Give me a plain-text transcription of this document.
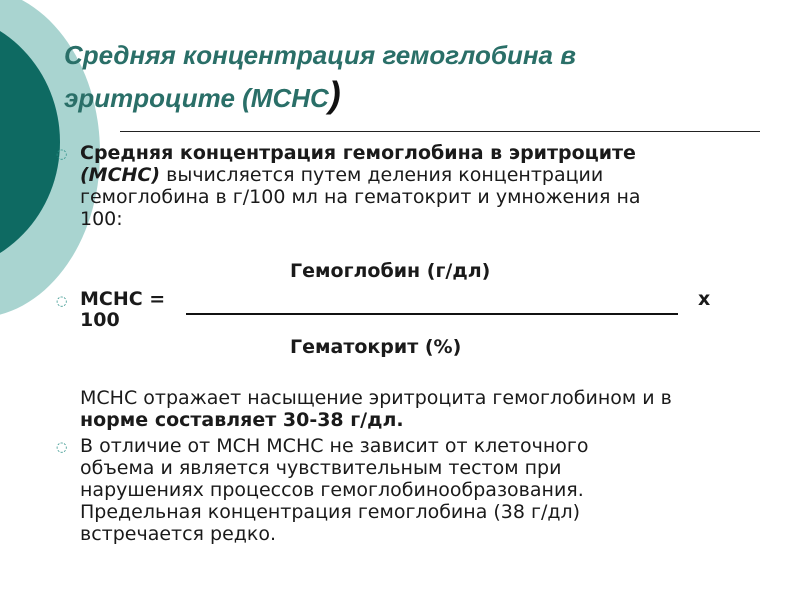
Средняя концентрация гемоглобина в
эритроците (МСНС)
◌ Средняя концентрация гемоглобина в эритроците
(МСНС) вычисляется путем деления концентрации
гемоглобина в г/100 мл на гематокрит и умножения на
100:
Гемоглобин (г/дл)
◌ МСНС =	х
100
Гематокрит (%)
МСНС отражает насыщение эритроцита гемоглобином и в
норме составляет 30-38 г/дл.
◌ В отличие от МСН МСНС не зависит от клеточного
объема и является чувствительным тестом при
нарушениях процессов гемоглобинообразования.
Предельная концентрация гемоглобина (38 г/дл)
встречается редко.
